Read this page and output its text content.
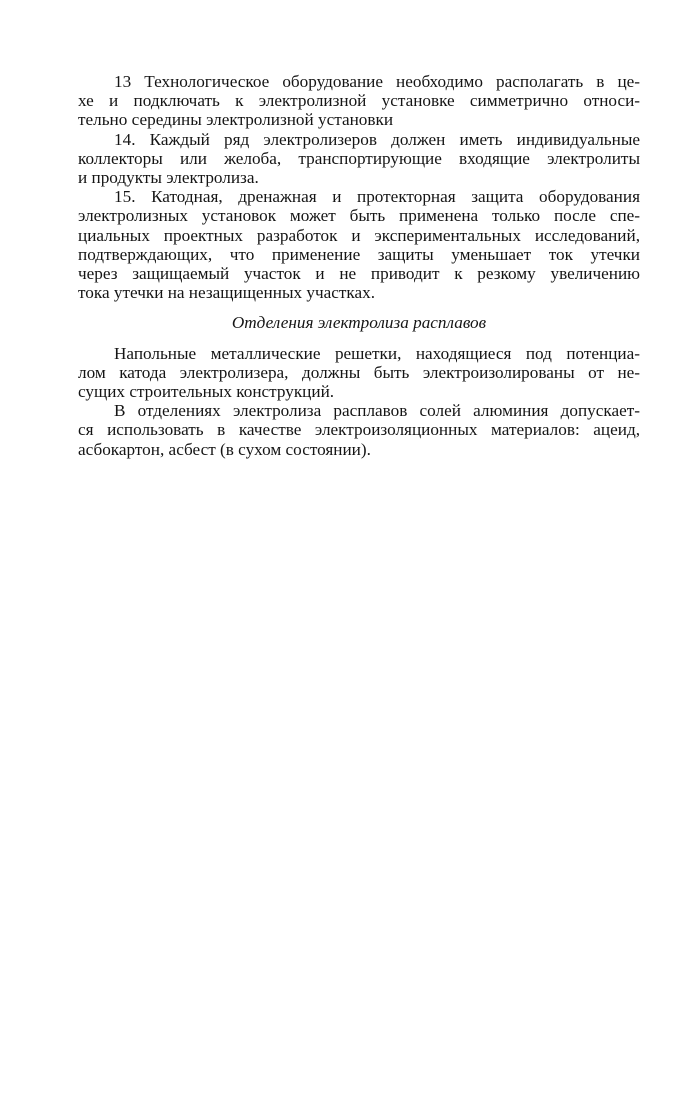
13 Технологическое оборудование необходимо располагать в це-
хе и подключать к электролизной установке симметрично относи-
тельно середины электролизной установки
14. Каждый ряд электролизеров должен иметь индивидуальные
коллекторы или желоба, транспортирующие входящие электролиты
и продукты электролиза.
15. Катодная, дренажная и протекторная защита оборудования
электролизных установок может быть применена только после спе-
циальных проектных разработок и экспериментальных исследований,
подтверждающих, что применение защиты уменьшает ток утечки
через защищаемый участок и не приводит к резкому увеличению
тока утечки на незащищенных участках.
Отделения электролиза расплавов
Напольные металлические решетки, находящиеся под потенциа-
лом катода электролизера, должны быть электроизолированы от не-
сущих строительных конструкций.
В отделениях электролиза расплавов солей алюминия допускает-
ся использовать в качестве электроизоляционных материалов: ацеид,
асбокартон, асбест (в сухом состоянии).
